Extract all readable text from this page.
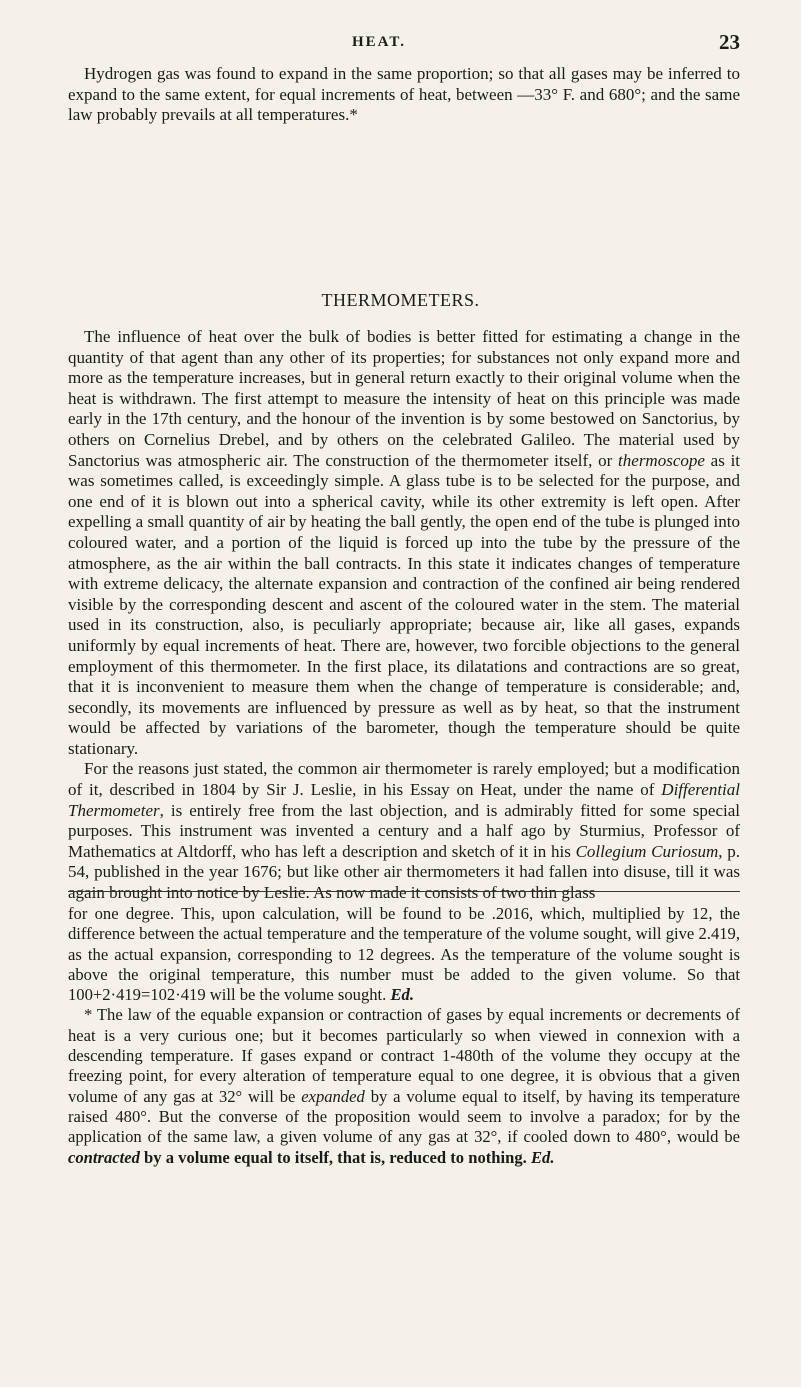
HEAT.	23

Hydrogen gas was found to expand in the same proportion; so that all gases may be inferred to expand to the same extent, for equal increments of heat, between —33° F. and 680°; and the same law probably prevails at all temperatures.*

THERMOMETERS.

The influence of heat over the bulk of bodies is better fitted for estimating a change in the quantity of that agent than any other of its properties; for substances not only expand more and more as the temperature increases, but in general return exactly to their original volume when the heat is withdrawn. The first attempt to measure the intensity of heat on this principle was made early in the 17th century, and the honour of the invention is by some bestowed on Sanctorius, by others on Cornelius Drebel, and by others on the celebrated Galileo. The material used by Sanctorius was atmospheric air. The construction of the thermometer itself, or thermoscope as it was sometimes called, is exceedingly simple. A glass tube is to be selected for the purpose, and one end of it is blown out into a spherical cavity, while its other extremity is left open. After expelling a small quantity of air by heating the ball gently, the open end of the tube is plunged into coloured water, and a portion of the liquid is forced up into the tube by the pressure of the atmosphere, as the air within the ball contracts. In this state it indicates changes of temperature with extreme delicacy, the alternate expansion and contraction of the confined air being rendered visible by the corresponding descent and ascent of the coloured water in the stem. The material used in its construction, also, is peculiarly appropriate; because air, like all gases, expands uniformly by equal increments of heat. There are, however, two forcible objections to the general employment of this thermometer. In the first place, its dilatations and contractions are so great, that it is inconvenient to measure them when the change of temperature is considerable; and, secondly, its movements are influenced by pressure as well as by heat, so that the instrument would be affected by variations of the barometer, though the temperature should be quite stationary.

For the reasons just stated, the common air thermometer is rarely employed; but a modification of it, described in 1804 by Sir J. Leslie, in his Essay on Heat, under the name of Differential Thermometer, is entirely free from the last objection, and is admirably fitted for some special purposes. This instrument was invented a century and a half ago by Sturmius, Professor of Mathematics at Altdorff, who has left a description and sketch of it in his Collegium Curiosum, p. 54, published in the year 1676; but like other air thermometers it had fallen into disuse, till it was again brought into notice by Leslie. As now made it consists of two thin glass

for one degree. This, upon calculation, will be found to be .2016, which, multiplied by 12, the difference between the actual temperature and the temperature of the volume sought, will give 2.419, as the actual expansion, corresponding to 12 degrees. As the temperature of the volume sought is above the original temperature, this number must be added to the given volume. So that 100+2·419=102·419 will be the volume sought. Ed.

* The law of the equable expansion or contraction of gases by equal increments or decrements of heat is a very curious one; but it becomes particularly so when viewed in connexion with a descending temperature. If gases expand or contract 1-480th of the volume they occupy at the freezing point, for every alteration of temperature equal to one degree, it is obvious that a given volume of any gas at 32° will be expanded by a volume equal to itself, by having its temperature raised 480°. But the converse of the proposition would seem to involve a paradox; for by the application of the same law, a given volume of any gas at 32°, if cooled down to 480°, would be contracted by a volume equal to itself, that is, reduced to nothing. Ed.
